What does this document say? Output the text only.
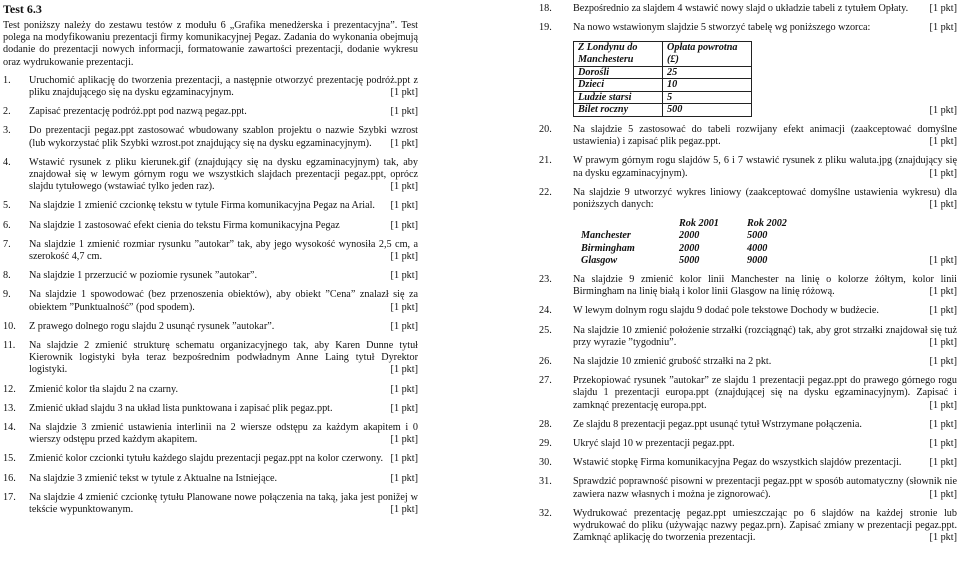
Test 6.3
Test poniższy należy do zestawu testów z modułu 6 „Grafika menedżerska i prezentacyjna”. Test polega na modyfikowaniu prezentacji firmy komunikacyjnej Pegaz. Zadania do wykonania obejmują dodanie do prezentacji nowych informacji, formatowanie zawartości prezentacji, dodanie wykresu oraz wydrukowanie prezentacji.
1.	Uruchomić aplikację do tworzenia prezentacji, a następnie otworzyć prezentację podróż.ppt z pliku znajdującego się na dysku egzaminacyjnym.	[1 pkt]
2.	Zapisać prezentację podróż.ppt pod nazwą pegaz.ppt.	[1 pkt]
3.	Do prezentacji pegaz.ppt zastosować wbudowany szablon projektu o nazwie Szybki wzrost (lub wykorzystać plik Szybki wzrost.pot znajdujący się na dysku egzaminacyjnym). [1 pkt]
4.	Wstawić rysunek z pliku kierunek.gif (znajdujący się na dysku egzaminacyjnym) tak, aby znajdował się w lewym górnym rogu we wszystkich slajdach prezentacji pegaz.ppt, oprócz slajdu tytułowego (wstawiać tylko jeden raz).	[1 pkt]
5.	Na slajdzie 1 zmienić czcionkę tekstu w tytule Firma komunikacyjna Pegaz na Arial. [1 pkt]
6.	Na slajdzie 1 zastosować efekt cienia do tekstu Firma komunikacyjna Pegaz	[1 pkt]
7.	Na slajdzie 1 zmienić rozmiar rysunku ”autokar” tak, aby jego wysokość wynosiła 2,5 cm, a szerokość 4,7 cm.	[1 pkt]
8.	Na slajdzie 1 przerzucić w poziomie rysunek ”autokar”.	[1 pkt]
9.	Na slajdzie 1 spowodować (bez przenoszenia obiektów), aby obiekt ”Cena” znalazł się za obiektem ”Punktualność” (pod spodem).	[1 pkt]
10.	Z prawego dolnego rogu slajdu 2 usunąć rysunek ”autokar”.	[1 pkt]
11.	Na slajdzie 2 zmienić strukturę schematu organizacyjnego tak, aby Karen Dunne tytuł Kierownik logistyki była teraz bezpośrednim podwładnym Anne Laing tytuł Dyrektor logistyki.	[1 pkt]
12.	Zmienić kolor tła slajdu 2 na czarny.	[1 pkt]
13.	Zmienić układ slajdu 3 na układ lista punktowana i zapisać plik pegaz.ppt.	[1 pkt]
14.	Na slajdzie 3 zmienić ustawienia interlinii na 2 wiersze odstępu za każdym akapitem i 0 wierszy odstępu przed każdym akapitem.	[1 pkt]
15.	Zmienić kolor czcionki tytułu każdego slajdu prezentacji pegaz.ppt na kolor czerwony. [1 pkt]
16.	Na slajdzie 3 zmienić tekst w tytule z Aktualne na Istniejące.	[1 pkt]
17.	Na slajdzie 4 zmienić czcionkę tytułu Planowane nowe połączenia na taką, jaka jest ponižej w tekście wypunktowanym.	[1 pkt]
18.	Bezpośrednio za slajdem 4 wstawić nowy slajd o układzie tabeli z tytułem Opłaty. [1 pkt]
19.	Na nowo wstawionym slajdzie 5 stworzyć tabelę wg poniższego wzorca:	[1 pkt]
Z Londynu do Manchesteru	Opłata powrotna (£)
Dorośli	25
Dzieci	10
Ludzie starsi	5
Bilet roczny	500	[1 pkt]
20.	Na slajdzie 5 zastosować do tabeli rozwijany efekt animacji (zaakceptować domyślne ustawienia) i zapisać plik pegaz.ppt.	[1 pkt]
21.	W prawym górnym rogu slajdów 5, 6 i 7 wstawić rysunek z pliku waluta.jpg (znajdujący się na dysku egzaminacyjnym).	[1 pkt]
22.	Na slajdzie 9 utworzyć wykres liniowy (zaakceptować domyślne ustawienia wykresu) dla poniższych danych:	[1 pkt]
	Rok 2001	Rok 2002
Manchester	2000	5000
Birmingham	2000	4000
Glasgow	5000	9000	[1 pkt]
23.	Na slajdzie 9 zmienić kolor linii Manchester na linię o kolorze żółtym, kolor linii Birmingham na linię białą i kolor linii Glasgow na linię różową.	[1 pkt]
24.	W lewym dolnym rogu slajdu 9 dodać pole tekstowe Dochody w budżecie.	[1 pkt]
25.	Na slajdzie 10 zmienić położenie strzałki (rozciągnąć) tak, aby grot strzałki znajdował się tuż przy wyrazie ”tygodniu”.	[1 pkt]
26.	Na slajdzie 10 zmienić grubość strzałki na 2 pkt.	[1 pkt]
27.	Przekopiować rysunek ”autokar” ze slajdu 1 prezentacji pegaz.ppt do prawego górnego rogu slajdu 1 prezentacji europa.ppt (znajdującej się na dysku egzaminacyjnym). Zapisać i zamknąć prezentację europa.ppt.	[1 pkt]
28.	Ze slajdu 8 prezentacji pegaz.ppt usunąć tytuł Wstrzymane połączenia.	[1 pkt]
29.	Ukryć slajd 10 w prezentacji pegaz.ppt.	[1 pkt]
30.	Wstawić stopkę Firma komunikacyjna Pegaz do wszystkich slajdów prezentacji.	[1 pkt]
31.	Sprawdzić poprawność pisowni w prezentacji pegaz.ppt w sposób automatyczny (słownik nie zawiera nazw własnych i można je zignorować).	[1 pkt]
32.	Wydrukować prezentację pegaz.ppt umieszczając po 6 slajdów na każdej stronie lub wydrukować do pliku (używając nazwy pegaz.prn). Zapisać zmiany w prezentacji pegaz.ppt. Zamknąć aplikację do tworzenia prezentacji.	[1 pkt]
